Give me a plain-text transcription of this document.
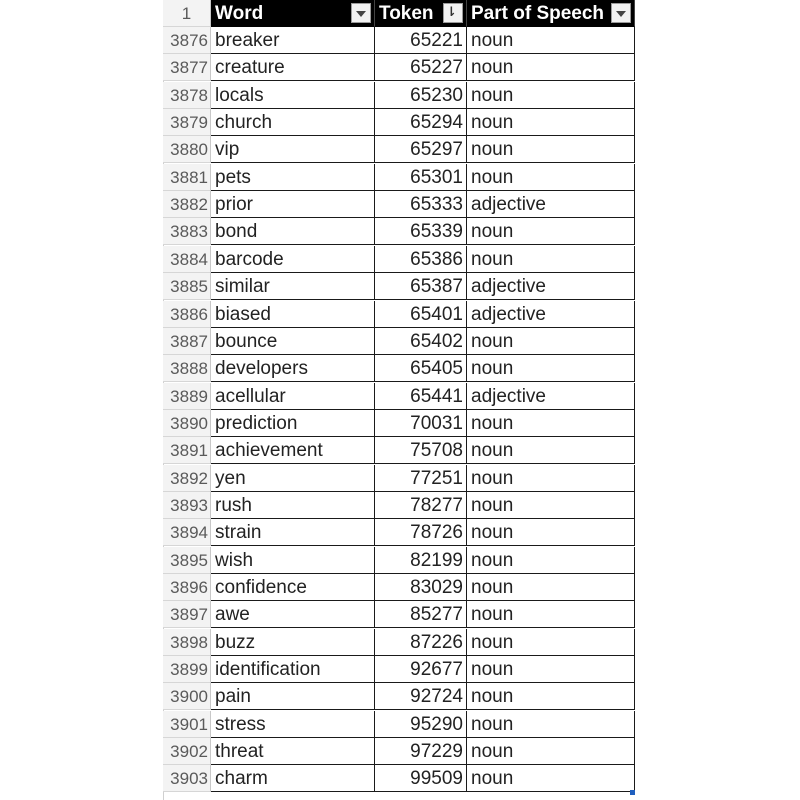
1	Word	Token ⇂ Part of Speech
3876 breaker	65221 noun
3877 creature	65227 noun
3878 locals	65230 noun
3879 church	65294 noun
3880 vip	65297 noun
3881 pets	65301 noun
3882 prior	65333 adjective
3883 bond	65339 noun
3884 barcode	65386 noun
3885 similar	65387 adjective
3886 biased	65401 adjective
3887 bounce	65402 noun
3888 developers	65405 noun
3889 acellular	65441 adjective
3890 prediction	70031 noun
3891 achievement	75708 noun
3892 yen	77251 noun
3893 rush	78277 noun
3894 strain	78726 noun
3895 wish	82199 noun
3896 confidence	83029 noun
3897 awe	85277 noun
3898 buzz	87226 noun
3899 identification	92677 noun
3900 pain	92724 noun
3901 stress	95290 noun
3902 threat	97229 noun
3903 charm	99509 noun
